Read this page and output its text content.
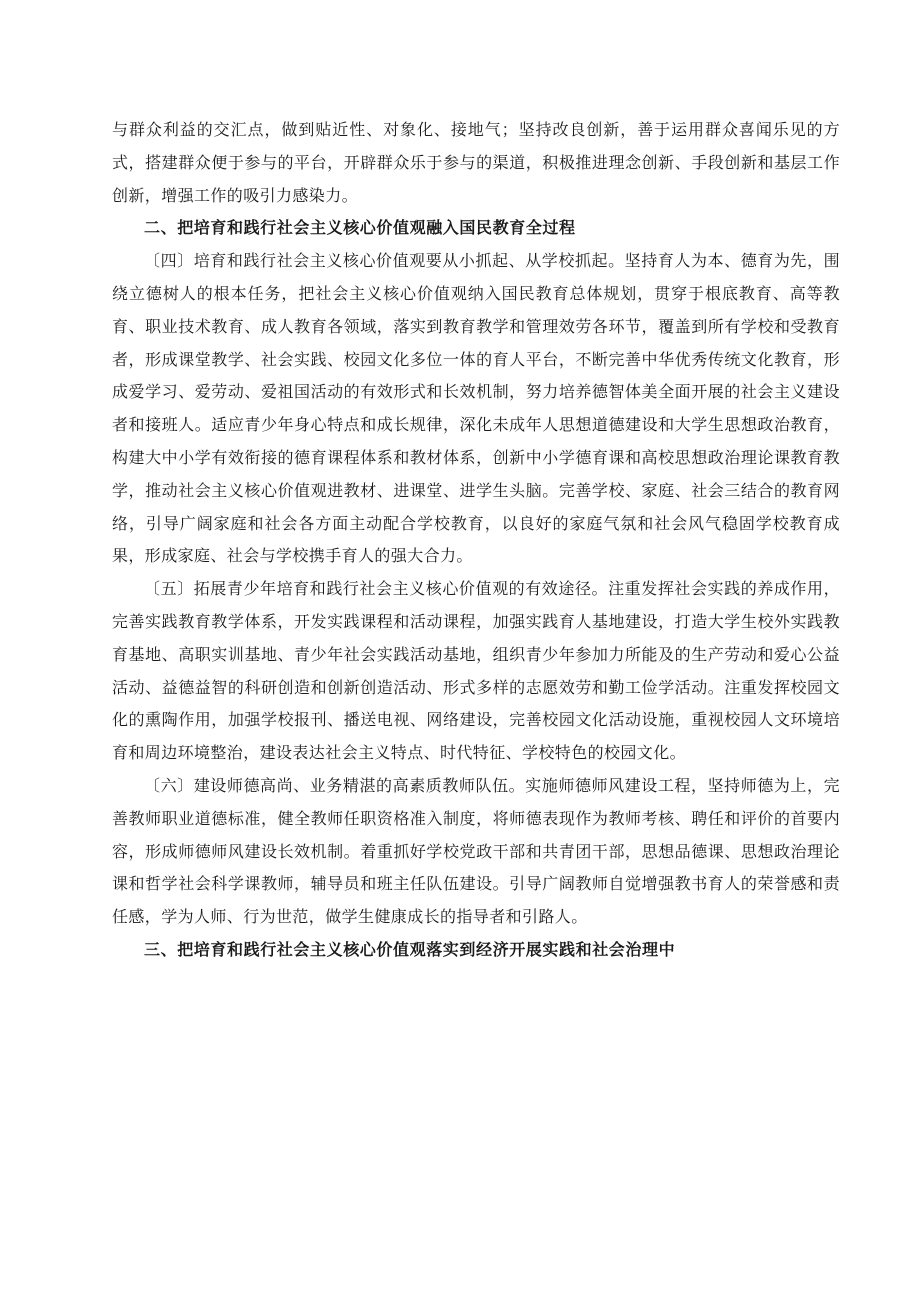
与群众利益的交汇点，做到贴近性、对象化、接地气；坚持改良创新，善于运用群众喜闻乐见的方式，搭建群众便于参与的平台，开辟群众乐于参与的渠道，积极推进理念创新、手段创新和基层工作创新，增强工作的吸引力感染力。

二、把培育和践行社会主义核心价值观融入国民教育全过程

〔四〕培育和践行社会主义核心价值观要从小抓起、从学校抓起。坚持育人为本、德育为先，围绕立德树人的根本任务，把社会主义核心价值观纳入国民教育总体规划，贯穿于根底教育、高等教育、职业技术教育、成人教育各领域，落实到教育教学和管理效劳各环节，覆盖到所有学校和受教育者，形成课堂教学、社会实践、校园文化多位一体的育人平台，不断完善中华优秀传统文化教育，形成爱学习、爱劳动、爱祖国活动的有效形式和长效机制，努力培养德智体美全面开展的社会主义建设者和接班人。适应青少年身心特点和成长规律，深化未成年人思想道德建设和大学生思想政治教育，构建大中小学有效衔接的德育课程体系和教材体系，创新中小学德育课和高校思想政治理论课教育教学，推动社会主义核心价值观进教材、进课堂、进学生头脑。完善学校、家庭、社会三结合的教育网络，引导广阔家庭和社会各方面主动配合学校教育，以良好的家庭气氛和社会风气稳固学校教育成果，形成家庭、社会与学校携手育人的强大合力。

〔五〕拓展青少年培育和践行社会主义核心价值观的有效途径。注重发挥社会实践的养成作用，完善实践教育教学体系，开发实践课程和活动课程，加强实践育人基地建设，打造大学生校外实践教育基地、高职实训基地、青少年社会实践活动基地，组织青少年参加力所能及的生产劳动和爱心公益活动、益德益智的科研创造和创新创造活动、形式多样的志愿效劳和勤工俭学活动。注重发挥校园文化的熏陶作用，加强学校报刊、播送电视、网络建设，完善校园文化活动设施，重视校园人文环境培育和周边环境整治，建设表达社会主义特点、时代特征、学校特色的校园文化。

〔六〕建设师德高尚、业务精湛的高素质教师队伍。实施师德师风建设工程，坚持师德为上，完善教师职业道德标准，健全教师任职资格准入制度，将师德表现作为教师考核、聘任和评价的首要内容，形成师德师风建设长效机制。着重抓好学校党政干部和共青团干部，思想品德课、思想政治理论课和哲学社会科学课教师，辅导员和班主任队伍建设。引导广阔教师自觉增强教书育人的荣誉感和责任感，学为人师、行为世范，做学生健康成长的指导者和引路人。

三、把培育和践行社会主义核心价值观落实到经济开展实践和社会治理中
